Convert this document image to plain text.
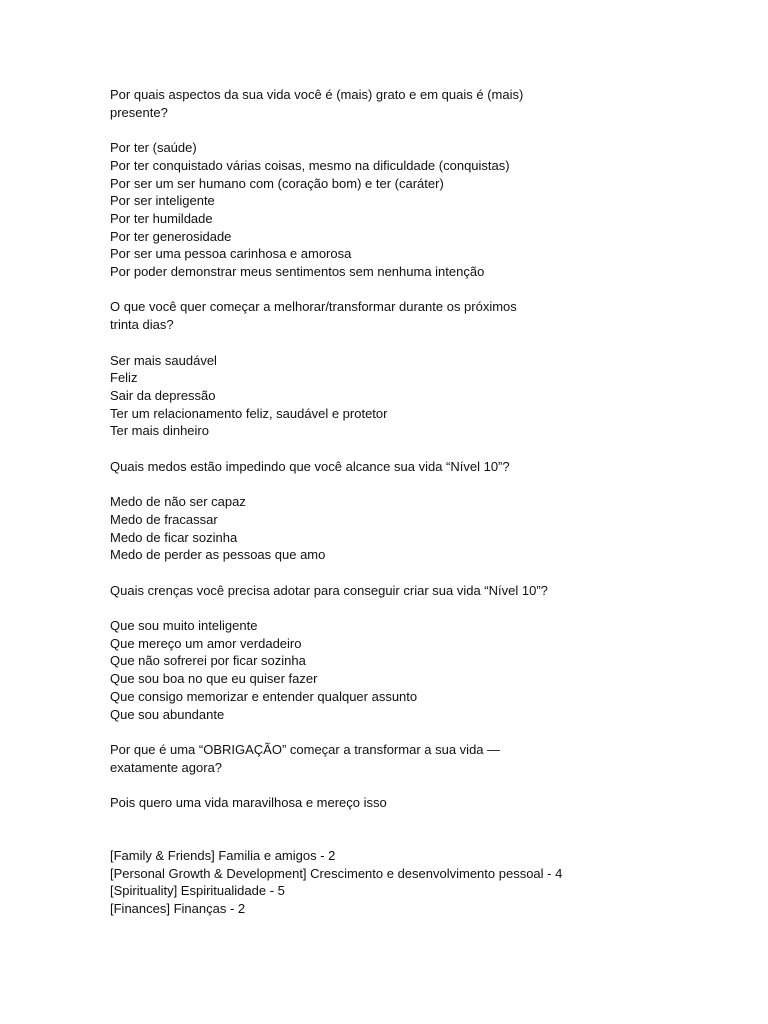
Por quais aspectos da sua vida você é (mais) grato e em quais é (mais)
presente?
Por ter (saúde)
Por ter conquistado várias coisas, mesmo na dificuldade (conquistas)
Por ser um ser humano com (coração bom) e ter (caráter)
Por ser inteligente
Por ter humildade
Por ter generosidade
Por ser uma pessoa carinhosa e amorosa
Por poder demonstrar meus sentimentos sem nenhuma intenção
O que você quer começar a melhorar/transformar durante os próximos
trinta dias?
Ser mais saudável
Feliz
Sair da depressão
Ter um relacionamento feliz, saudável e protetor
Ter mais dinheiro
Quais medos estão impedindo que você alcance sua vida “Nível 10”?
Medo de não ser capaz
Medo de fracassar
Medo de ficar sozinha
Medo de perder as pessoas que amo
Quais crenças você precisa adotar para conseguir criar sua vida “Nível 10”?
Que sou muito inteligente
Que mereço um amor verdadeiro
Que não sofrerei por ficar sozinha
Que sou boa no que eu quiser fazer
Que consigo memorizar e entender qualquer assunto
Que sou abundante
Por que é uma “OBRIGAÇÃO” começar a transformar a sua vida —
exatamente agora?
Pois quero uma vida maravilhosa e mereço isso
[Family & Friends] Familia e amigos - 2
[Personal Growth & Development] Crescimento e desenvolvimento pessoal - 4
[Spirituality] Espiritualidade - 5
[Finances] Finanças - 2
